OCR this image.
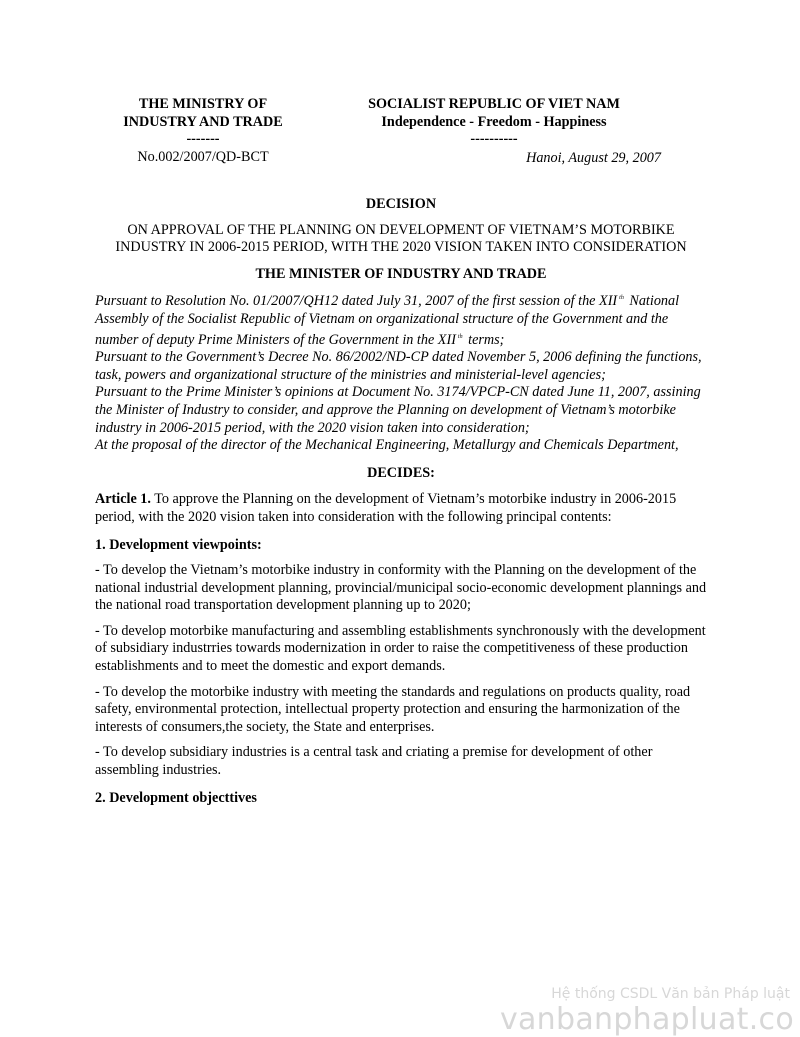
THE MINISTRY OF
INDUSTRY AND TRADE
-------
No.002/2007/QD-BCT
SOCIALIST REPUBLIC OF VIET NAM
Independence - Freedom - Happiness
----------
Hanoi, August 29, 2007
DECISION
ON APPROVAL OF THE PLANNING ON DEVELOPMENT OF VIETNAM’S MOTORBIKE INDUSTRY IN 2006-2015 PERIOD, WITH THE 2020 VISION TAKEN INTO CONSIDERATION
THE MINISTER OF INDUSTRY AND TRADE

Pursuant to Resolution No. 01/2007/QH12 dated July 31, 2007 of the first session of the XII $^{th}$ National Assembly of the Socialist Republic of Vietnam on organizational structure of the Government and the number of deputy Prime Ministers of the Government in the XII $^{th}$ terms;

Pursuant to the Government’s Decree No. 86/2002/ND-CP dated November 5, 2006 defining the functions, task, powers and organizational structure of the ministries and ministerial-level agencies;

Pursuant to the Prime Minister’s opinions at Document No. 3174/VPCP-CN dated June 11, 2007, assining the Minister of Industry to consider, and approve the Planning on development of Vietnam’s motorbike industry in 2006-2015 period, with the 2020 vision taken into consideration;

At the proposal of the director of the Mechanical Engineering, Metallurgy and Chemicals Department,

DECIDES:

Article 1. To approve the Planning on the development of Vietnam’s motorbike industry in 2006-2015 period, with the 2020 vision taken into consideration with the following principal contents:

1. Development viewpoints:

- To develop the Vietnam’s motorbike industry in conformity with the Planning on the development of the national industrial development planning, provincial/municipal socio-economic development plannings and the national road transportation development planning up to 2020;

- To develop motorbike manufacturing and assembling establishments synchronously with the development of subsidiary industrries towards modernization in order to raise the competitiveness of these production establishments and to meet the domestic and export demands.

- To develop the motorbike industry with meeting the standards and regulations on products quality, road safety, environmental protection, intellectual property protection and ensuring the harmonization of the interests of consumers,the society, the State and enterprises.

- To develop subsidiary industries is a central task and criating a premise for development of other assembling industries.

2. Development objecttives
Hệ thống CSDL Văn bản Pháp luật
vanbanphapluat.co
